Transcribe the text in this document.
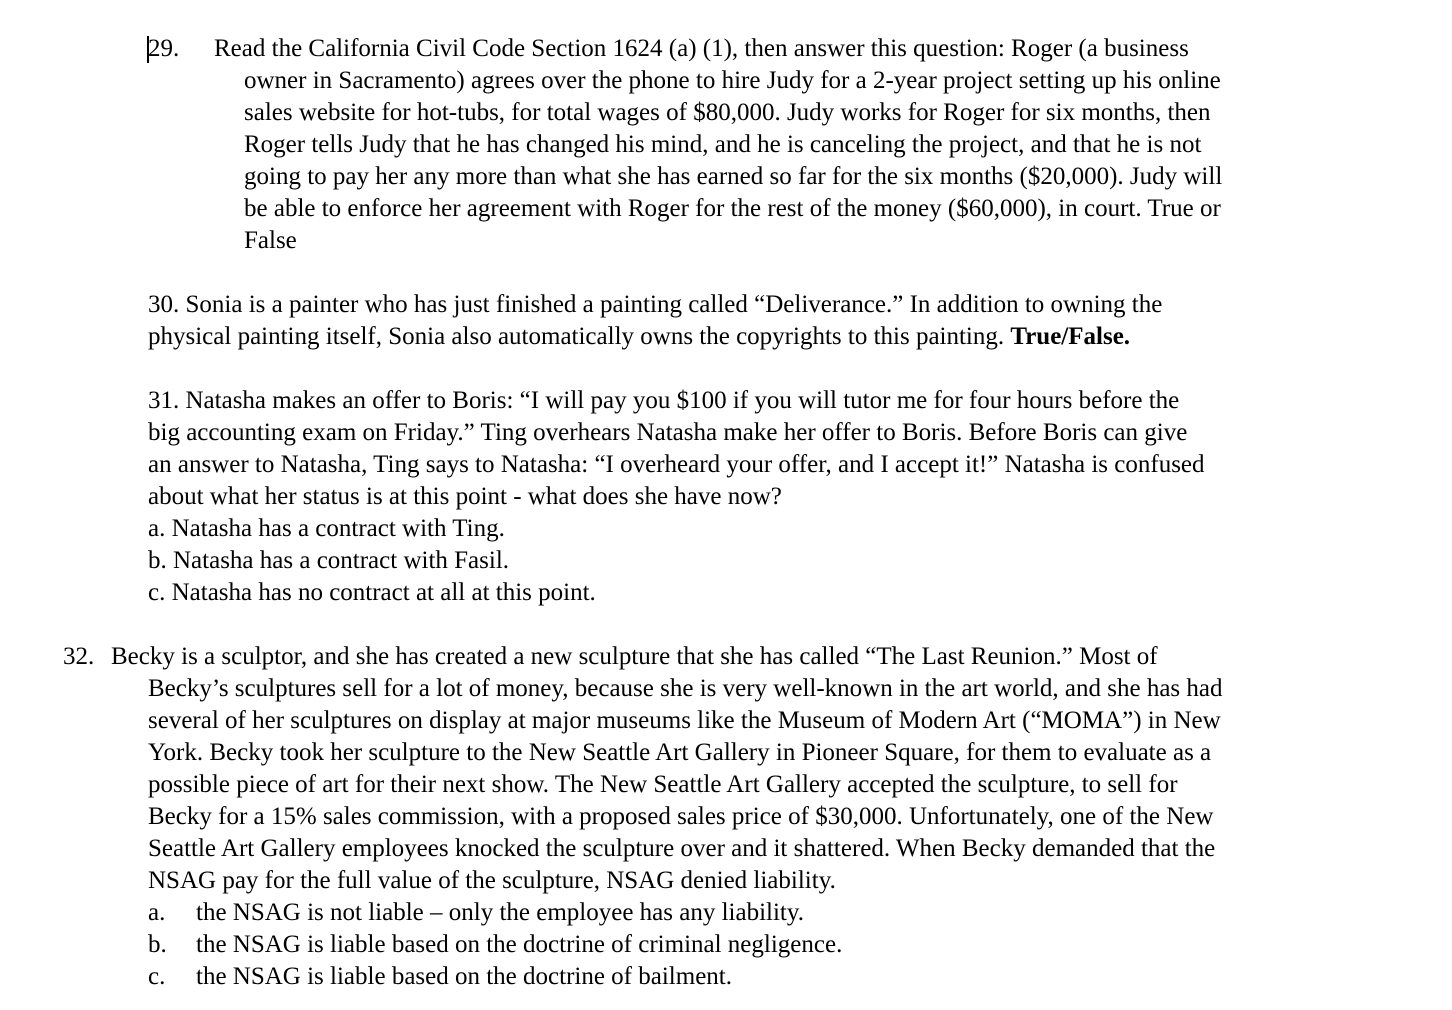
29. Read the California Civil Code Section 1624 (a) (1), then answer this question: Roger (a business
owner in Sacramento) agrees over the phone to hire Judy for a 2-year project setting up his online
sales website for hot-tubs, for total wages of $80,000. Judy works for Roger for six months, then
Roger tells Judy that he has changed his mind, and he is canceling the project, and that he is not
going to pay her any more than what she has earned so far for the six months ($20,000). Judy will
be able to enforce her agreement with Roger for the rest of the money ($60,000), in court. True or
False
30. Sonia is a painter who has just finished a painting called “Deliverance.” In addition to owning the
physical painting itself, Sonia also automatically owns the copyrights to this painting. True/False.
31. Natasha makes an offer to Boris: “I will pay you $100 if you will tutor me for four hours before the
big accounting exam on Friday.” Ting overhears Natasha make her offer to Boris. Before Boris can give
an answer to Natasha, Ting says to Natasha: “I overheard your offer, and I accept it!” Natasha is confused
about what her status is at this point - what does she have now?
a. Natasha has a contract with Ting.
b. Natasha has a contract with Fasil.
c. Natasha has no contract at all at this point.
32. Becky is a sculptor, and she has created a new sculpture that she has called “The Last Reunion.” Most of
Becky’s sculptures sell for a lot of money, because she is very well-known in the art world, and she has had
several of her sculptures on display at major museums like the Museum of Modern Art (“MOMA”) in New
York. Becky took her sculpture to the New Seattle Art Gallery in Pioneer Square, for them to evaluate as a
possible piece of art for their next show. The New Seattle Art Gallery accepted the sculpture, to sell for
Becky for a 15% sales commission, with a proposed sales price of $30,000. Unfortunately, one of the New
Seattle Art Gallery employees knocked the sculpture over and it shattered. When Becky demanded that the
NSAG pay for the full value of the sculpture, NSAG denied liability.
a. the NSAG is not liable – only the employee has any liability.
b. the NSAG is liable based on the doctrine of criminal negligence.
c. the NSAG is liable based on the doctrine of bailment.
